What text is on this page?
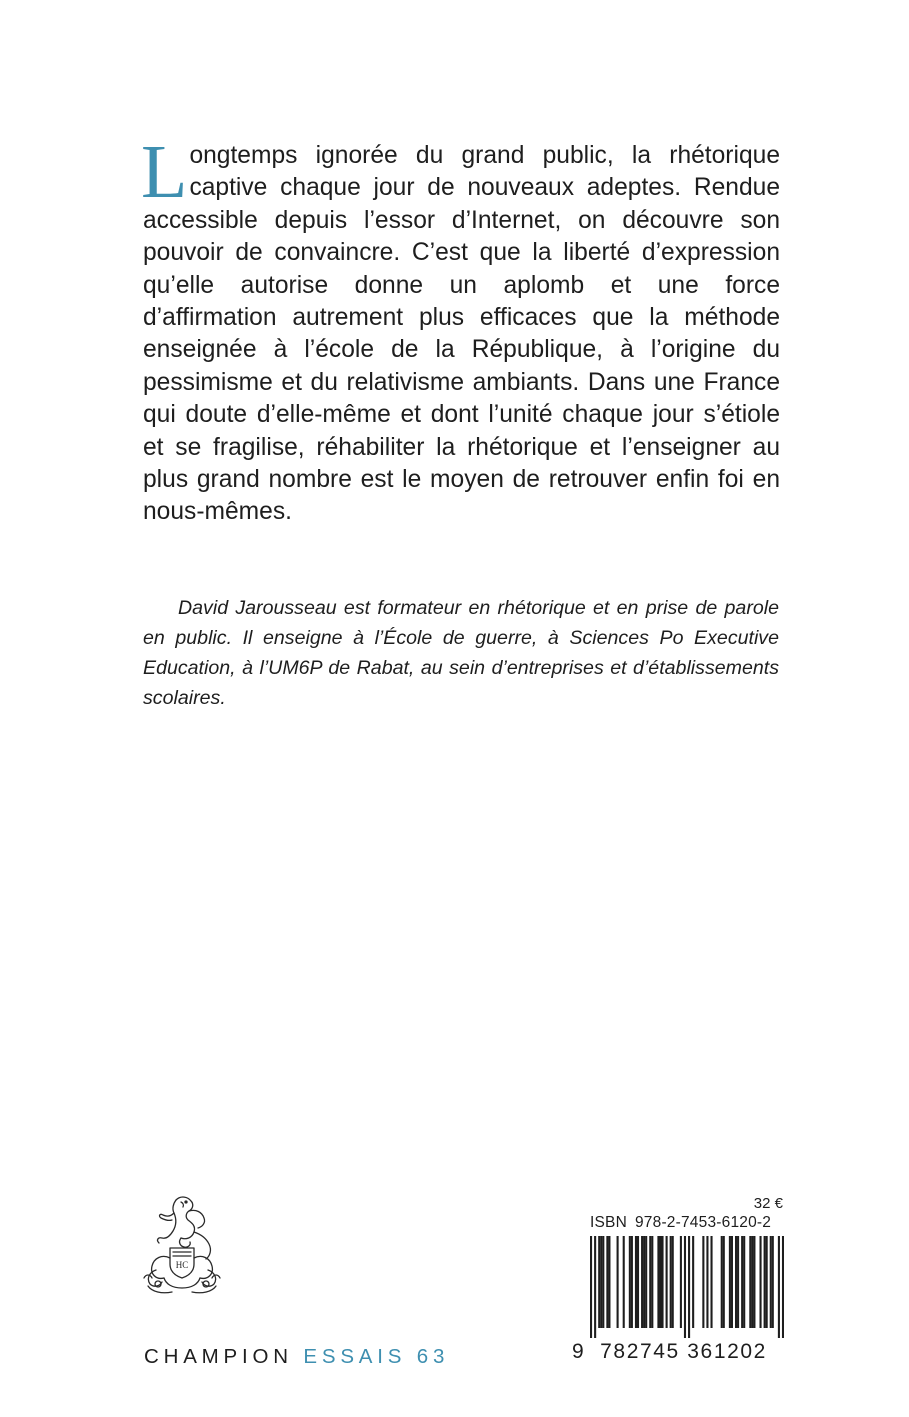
Longtemps ignorée du grand public, la rhétorique captive chaque jour de nouveaux adeptes. Rendue accessible depuis l’essor d’Internet, on découvre son pouvoir de convaincre. C’est que la liberté d’expression qu’elle autorise donne un aplomb et une force d’affirmation autrement plus efficaces que la méthode enseignée à l’école de la République, à l’origine du pessimisme et du relativisme ambiants. Dans une France qui doute d’elle-même et dont l’unité chaque jour s’étiole et se fragilise, réhabiliter la rhétorique et l’enseigner au plus grand nombre est le moyen de retrouver enfin foi en nous-mêmes.

David Jarousseau est formateur en rhétorique et en prise de parole en public. Il enseigne à l’École de guerre, à Sciences Po Executive Education, à l’UM6P de Rabat, au sein d’entreprises et d’établissements scolaires.

HC
CHAMPION ESSAIS 63
32 €
ISBN 978-2-7453-6120-2
9 782745 361202
